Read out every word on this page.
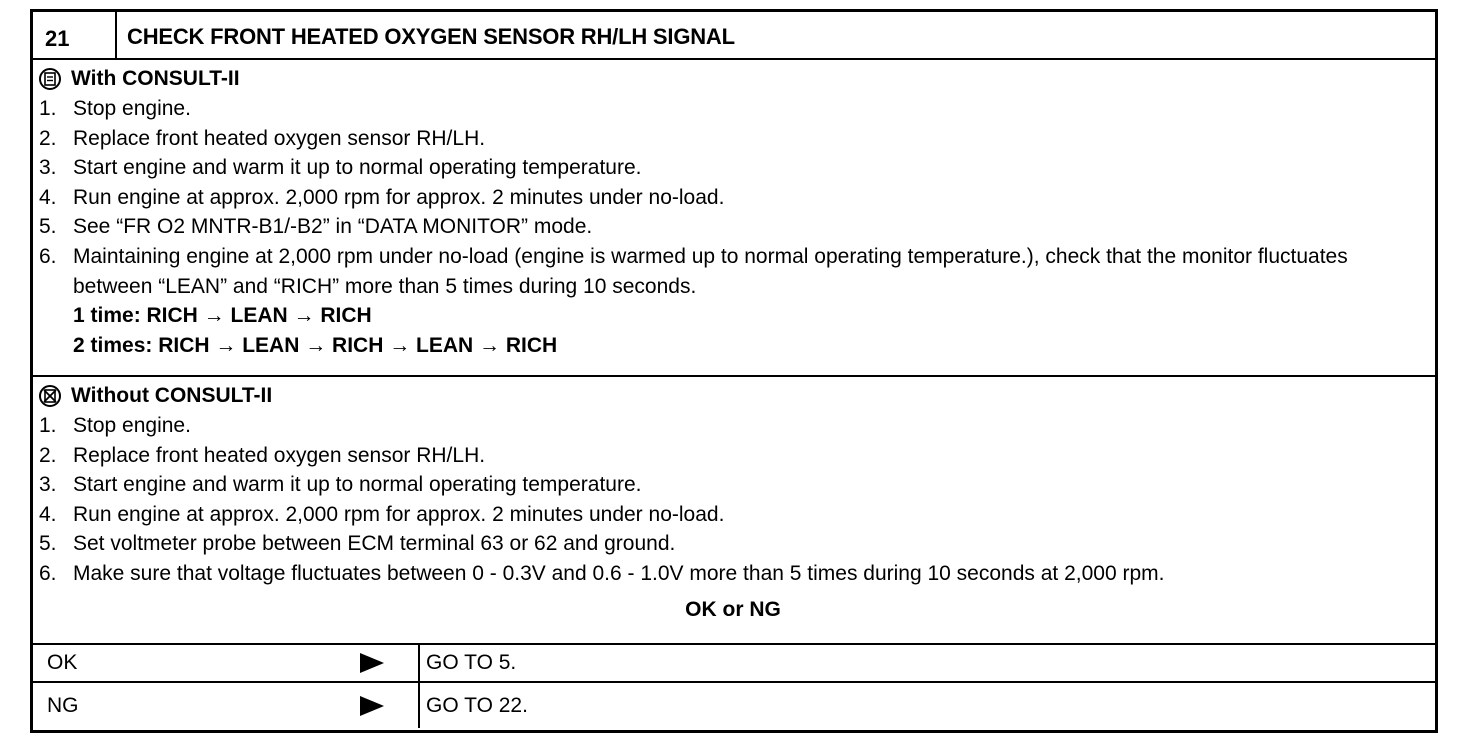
21	CHECK FRONT HEATED OXYGEN SENSOR RH/LH SIGNAL
With CONSULT-II
1. Stop engine.
2. Replace front heated oxygen sensor RH/LH.
3. Start engine and warm it up to normal operating temperature.
4. Run engine at approx. 2,000 rpm for approx. 2 minutes under no-load.
5. See “FR O2 MNTR-B1/-B2” in “DATA MONITOR” mode.
6. Maintaining engine at 2,000 rpm under no-load (engine is warmed up to normal operating temperature.), check that the monitor fluctuates between “LEAN” and “RICH” more than 5 times during 10 seconds.
1 time: RICH → LEAN → RICH
2 times: RICH → LEAN → RICH → LEAN → RICH
Without CONSULT-II
1. Stop engine.
2. Replace front heated oxygen sensor RH/LH.
3. Start engine and warm it up to normal operating temperature.
4. Run engine at approx. 2,000 rpm for approx. 2 minutes under no-load.
5. Set voltmeter probe between ECM terminal 63 or 62 and ground.
6. Make sure that voltage fluctuates between 0 - 0.3V and 0.6 - 1.0V more than 5 times during 10 seconds at 2,000 rpm.
OK or NG
OK	GO TO 5.
NG	GO TO 22.
